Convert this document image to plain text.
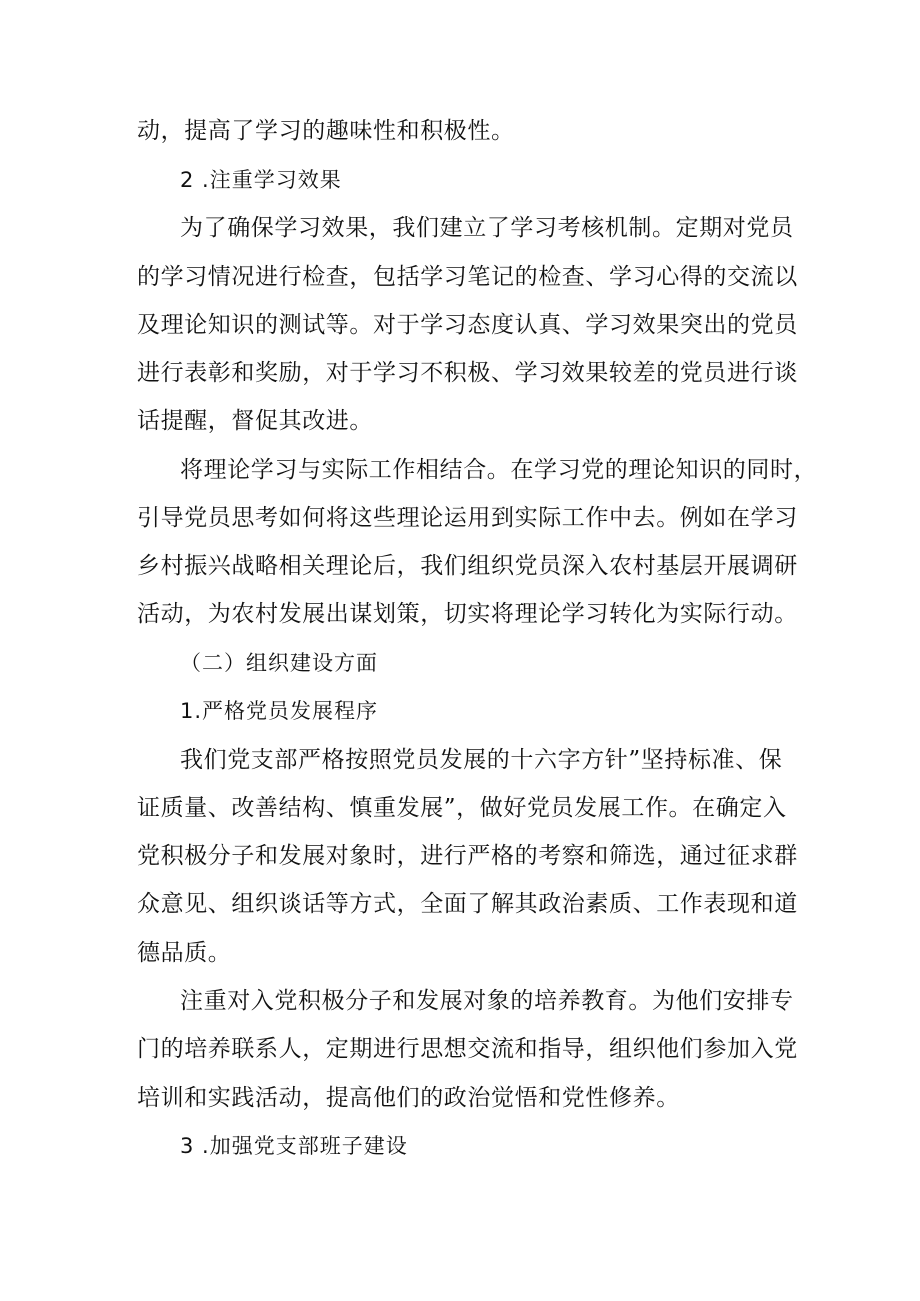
动，提高了学习的趣味性和积极性。
2 .注重学习效果
为了确保学习效果，我们建立了学习考核机制。定期对党员
的学习情况进行检查，包括学习笔记的检查、学习心得的交流以
及理论知识的测试等。对于学习态度认真、学习效果突出的党员
进行表彰和奖励，对于学习不积极、学习效果较差的党员进行谈
话提醒，督促其改进。
将理论学习与实际工作相结合。在学习党的理论知识的同时，
引导党员思考如何将这些理论运用到实际工作中去。例如在学习
乡村振兴战略相关理论后，我们组织党员深入农村基层开展调研
活动，为农村发展出谋划策，切实将理论学习转化为实际行动。
（二）组织建设方面
1.严格党员发展程序
我们党支部严格按照党员发展的十六字方针”坚持标准、保
证质量、改善结构、慎重发展”，做好党员发展工作。在确定入
党积极分子和发展对象时，进行严格的考察和筛选，通过征求群
众意见、组织谈话等方式，全面了解其政治素质、工作表现和道
德品质。
注重对入党积极分子和发展对象的培养教育。为他们安排专
门的培养联系人，定期进行思想交流和指导，组织他们参加入党
培训和实践活动，提高他们的政治觉悟和党性修养。
3 .加强党支部班子建设
